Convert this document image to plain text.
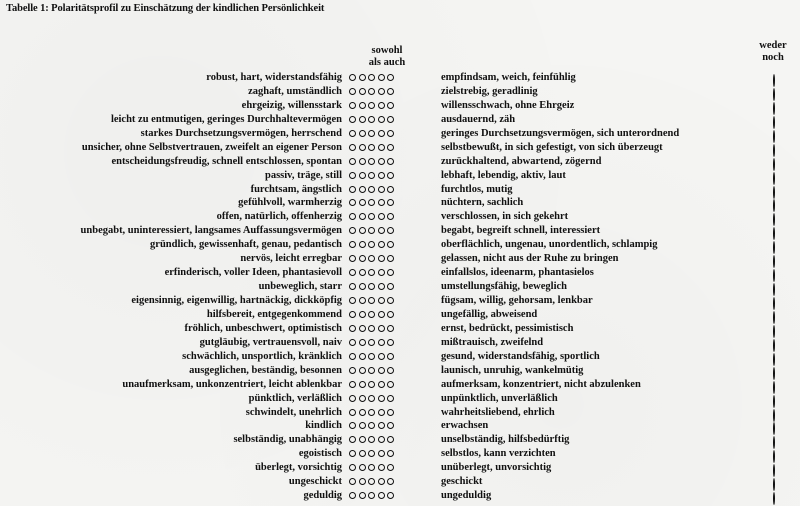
Tabelle 1: Polaritätsprofil zu Einschätzung der kindlichen Persönlichkeit
sowohl
als auch
weder
noch
robust, hart, widerstandsfähig	empfindsam, weich, feinfühlig
zaghaft, umständlich	zielstrebig, geradlinig
ehrgeizig, willensstark	willensschwach, ohne Ehrgeiz
leicht zu entmutigen, geringes Durchhaltevermögen	ausdauernd, zäh
starkes Durchsetzungsvermögen, herrschend	geringes Durchsetzungsvermögen, sich unterordnend
unsicher, ohne Selbstvertrauen, zweifelt an eigener Person	selbstbewußt, in sich gefestigt, von sich überzeugt
entscheidungsfreudig, schnell entschlossen, spontan	zurückhaltend, abwartend, zögernd
passiv, träge, still	lebhaft, lebendig, aktiv, laut
furchtsam, ängstlich	furchtlos, mutig
gefühlvoll, warmherzig	nüchtern, sachlich
offen, natürlich, offenherzig	verschlossen, in sich gekehrt
unbegabt, uninteressiert, langsames Auffassungsvermögen	begabt, begreift schnell, interessiert
gründlich, gewissenhaft, genau, pedantisch	oberflächlich, ungenau, unordentlich, schlampig
nervös, leicht erregbar	gelassen, nicht aus der Ruhe zu bringen
erfinderisch, voller Ideen, phantasievoll	einfallslos, ideenarm, phantasielos
unbeweglich, starr	umstellungsfähig, beweglich
eigensinnig, eigenwillig, hartnäckig, dickköpfig	fügsam, willig, gehorsam, lenkbar
hilfsbereit, entgegenkommend	ungefällig, abweisend
fröhlich, unbeschwert, optimistisch	ernst, bedrückt, pessimistisch
gutgläubig, vertrauensvoll, naiv	mißtrauisch, zweifelnd
schwächlich, unsportlich, kränklich	gesund, widerstandsfähig, sportlich
ausgeglichen, beständig, besonnen	launisch, unruhig, wankelmütig
unaufmerksam, unkonzentriert, leicht ablenkbar	aufmerksam, konzentriert, nicht abzulenken
pünktlich, verläßlich	unpünktlich, unverläßlich
schwindelt, unehrlich	wahrheitsliebend, ehrlich
kindlich	erwachsen
selbständig, unabhängig	unselbständig, hilfsbedürftig
egoistisch	selbstlos, kann verzichten
überlegt, vorsichtig	unüberlegt, unvorsichtig
ungeschickt	geschickt
geduldig	ungeduldig
